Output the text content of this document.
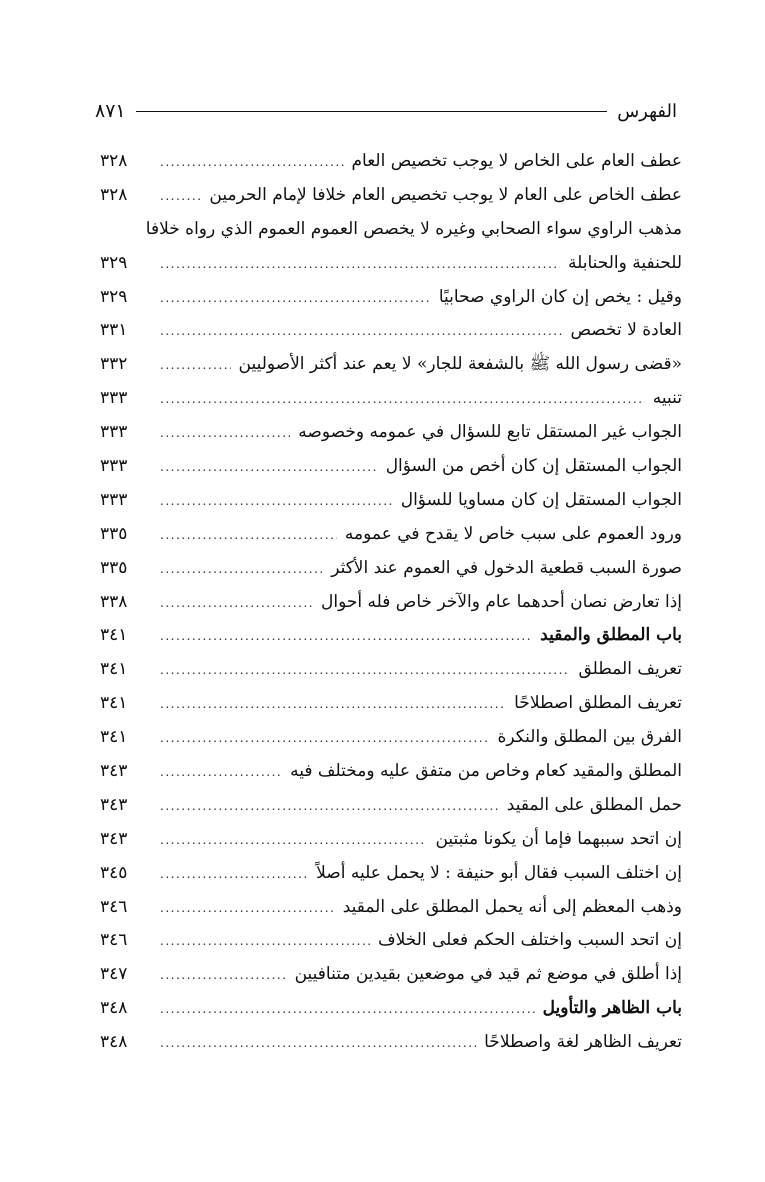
الفهرس
٨٧١
عطف العام على الخاص لا يوجب تخصيص العام
.....
٣٢٨
عطف الخاص على العام لا يوجب تخصيص العام خلافا لإمام الحرمين
.....
٣٢٨
مذهب الراوي سواء الصحابي وغيره لا يخصص العموم العموم الذي رواه خلافا
للحنفية والحنابلة
.....
٣٢٩
وقيل : يخص إن كان الراوي صحابيًا
.....
٣٢٩
العادة لا تخصص
.....
٣٣١
«قضى رسول الله ﷺ بالشفعة للجار» لا يعم عند أكثر الأصوليين
.....
٣٣٢
تنبيه
.....
٣٣٣
الجواب غير المستقل تابع للسؤال في عمومه وخصوصه
.....
٣٣٣
الجواب المستقل إن كان أخص من السؤال
.....
٣٣٣
الجواب المستقل إن كان مساويا للسؤال
.....
٣٣٣
ورود العموم على سبب خاص لا يقدح في عمومه
.....
٣٣٥
صورة السبب قطعية الدخول في العموم عند الأكثر
.....
٣٣٥
إذا تعارض نصان أحدهما عام والآخر خاص فله أحوال
.....
٣٣٨
باب المطلق والمقيد
.....
٣٤١
تعريف المطلق
.....
٣٤١
تعريف المطلق اصطلاحًا
.....
٣٤١
الفرق بين المطلق والنكرة
.....
٣٤١
المطلق والمقيد كعام وخاص من متفق عليه ومختلف فيه
.....
٣٤٣
حمل المطلق على المقيد
.....
٣٤٣
إن اتحد سببهما فإما أن يكونا مثبتين
.....
٣٤٣
إن اختلف السبب فقال أبو حنيفة : لا يحمل عليه أصلاً
.....
٣٤٥
وذهب المعظم إلى أنه يحمل المطلق على المقيد
.....
٣٤٦
إن اتحد السبب واختلف الحكم فعلى الخلاف
.....
٣٤٦
إذا أطلق في موضع ثم قيد في موضعين بقيدين متنافيين
.....
٣٤٧
باب الظاهر والتأويل
.....
٣٤٨
تعريف الظاهر لغة واصطلاحًا
.....
٣٤٨
